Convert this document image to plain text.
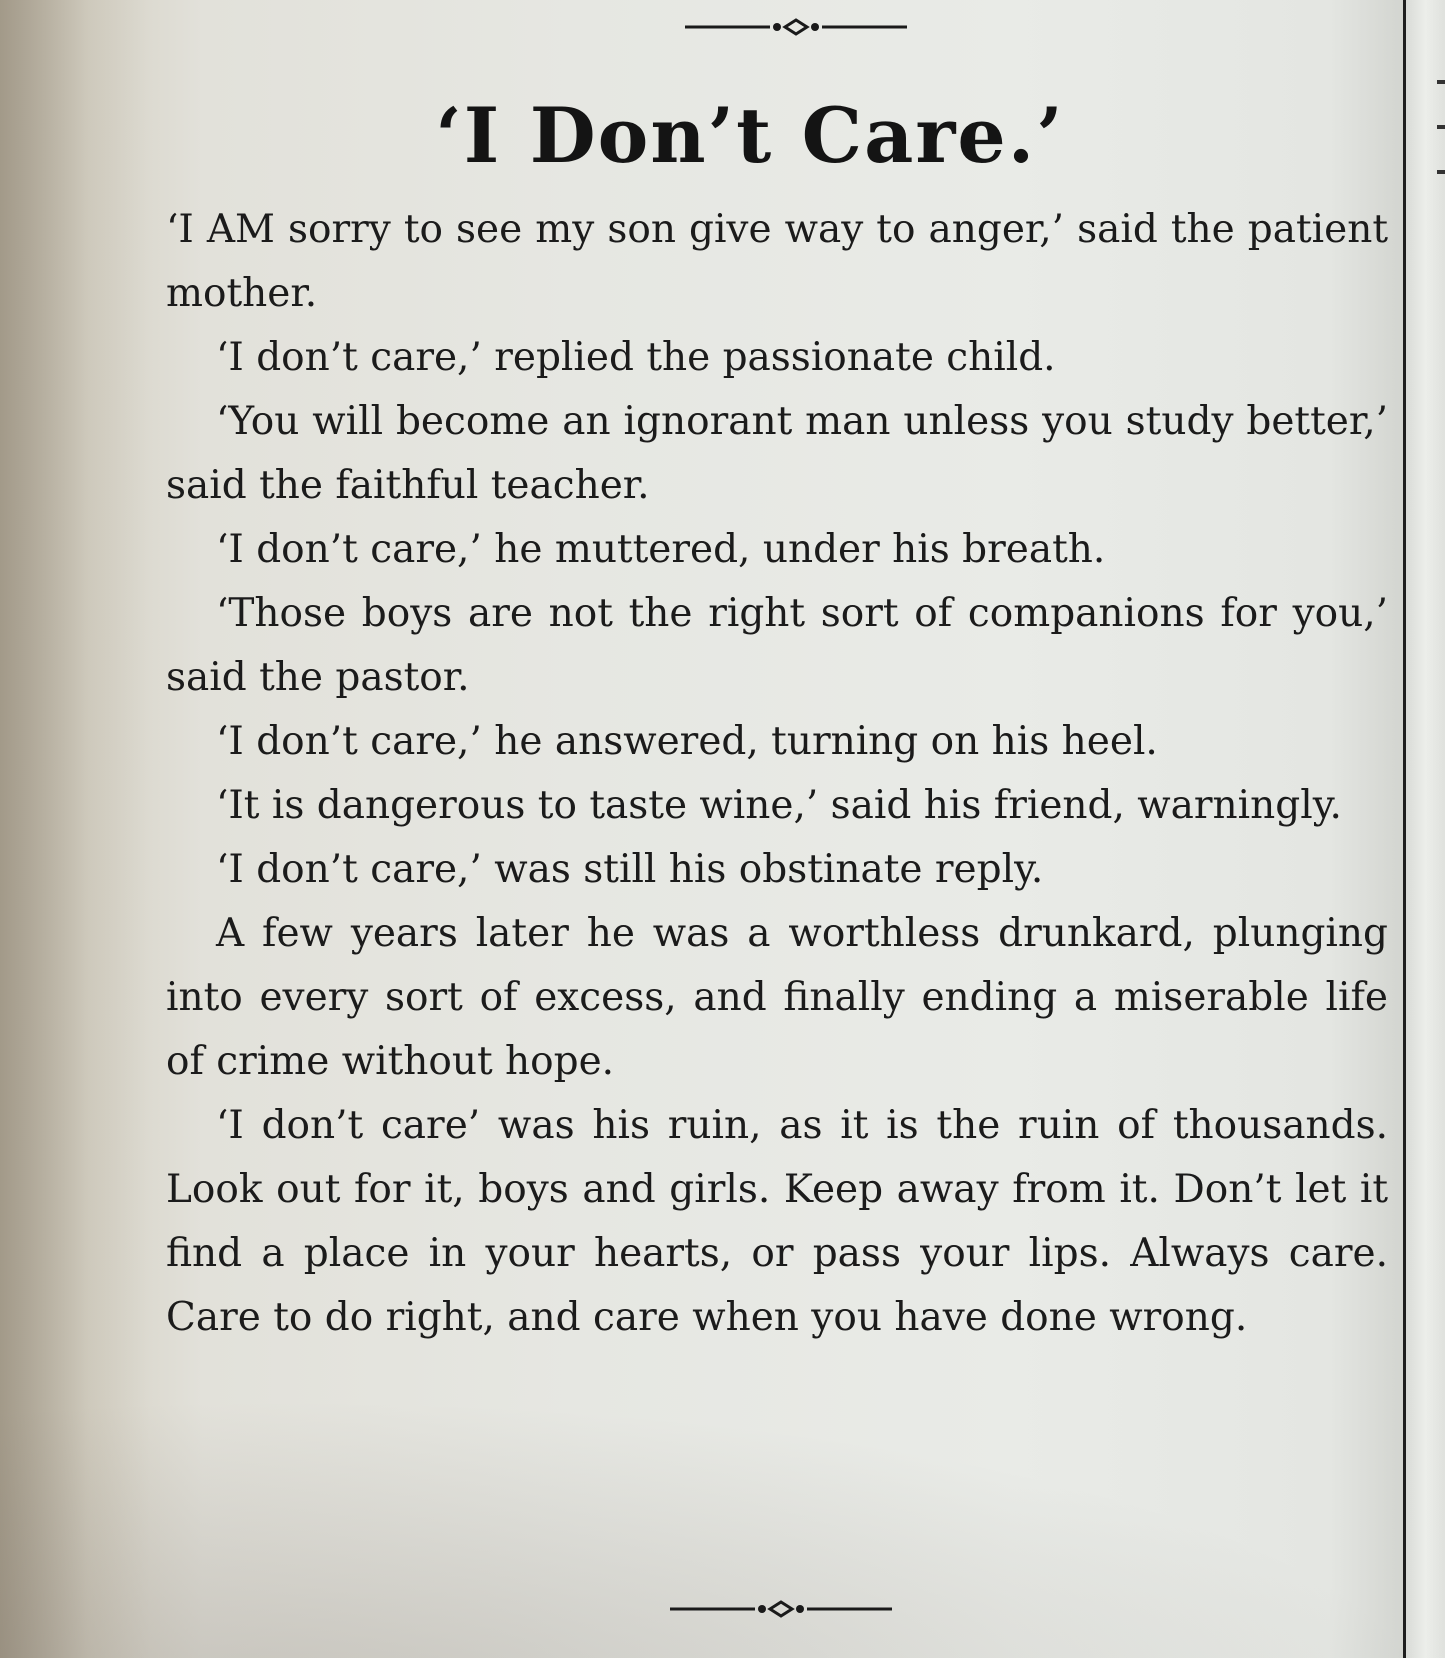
‘I Don’t Care.’

‘I AM sorry to see my son give way to anger,’ said the patient mother.

‘I don’t care,’ replied the passionate child.

‘You will become an ignorant man unless you study better,’ said the faithful teacher.

‘I don’t care,’ he muttered, under his breath.

‘Those boys are not the right sort of companions for you,’ said the pastor.

‘I don’t care,’ he answered, turning on his heel.

‘It is dangerous to taste wine,’ said his friend, warningly.

‘I don’t care,’ was still his obstinate reply.

A few years later he was a worthless drunkard, plunging into every sort of excess, and finally ending a miserable life of crime without hope.

‘I don’t care’ was his ruin, as it is the ruin of thousands. Look out for it, boys and girls. Keep away from it. Don’t let it find a place in your hearts, or pass your lips. Always care. Care to do right, and care when you have done wrong.
